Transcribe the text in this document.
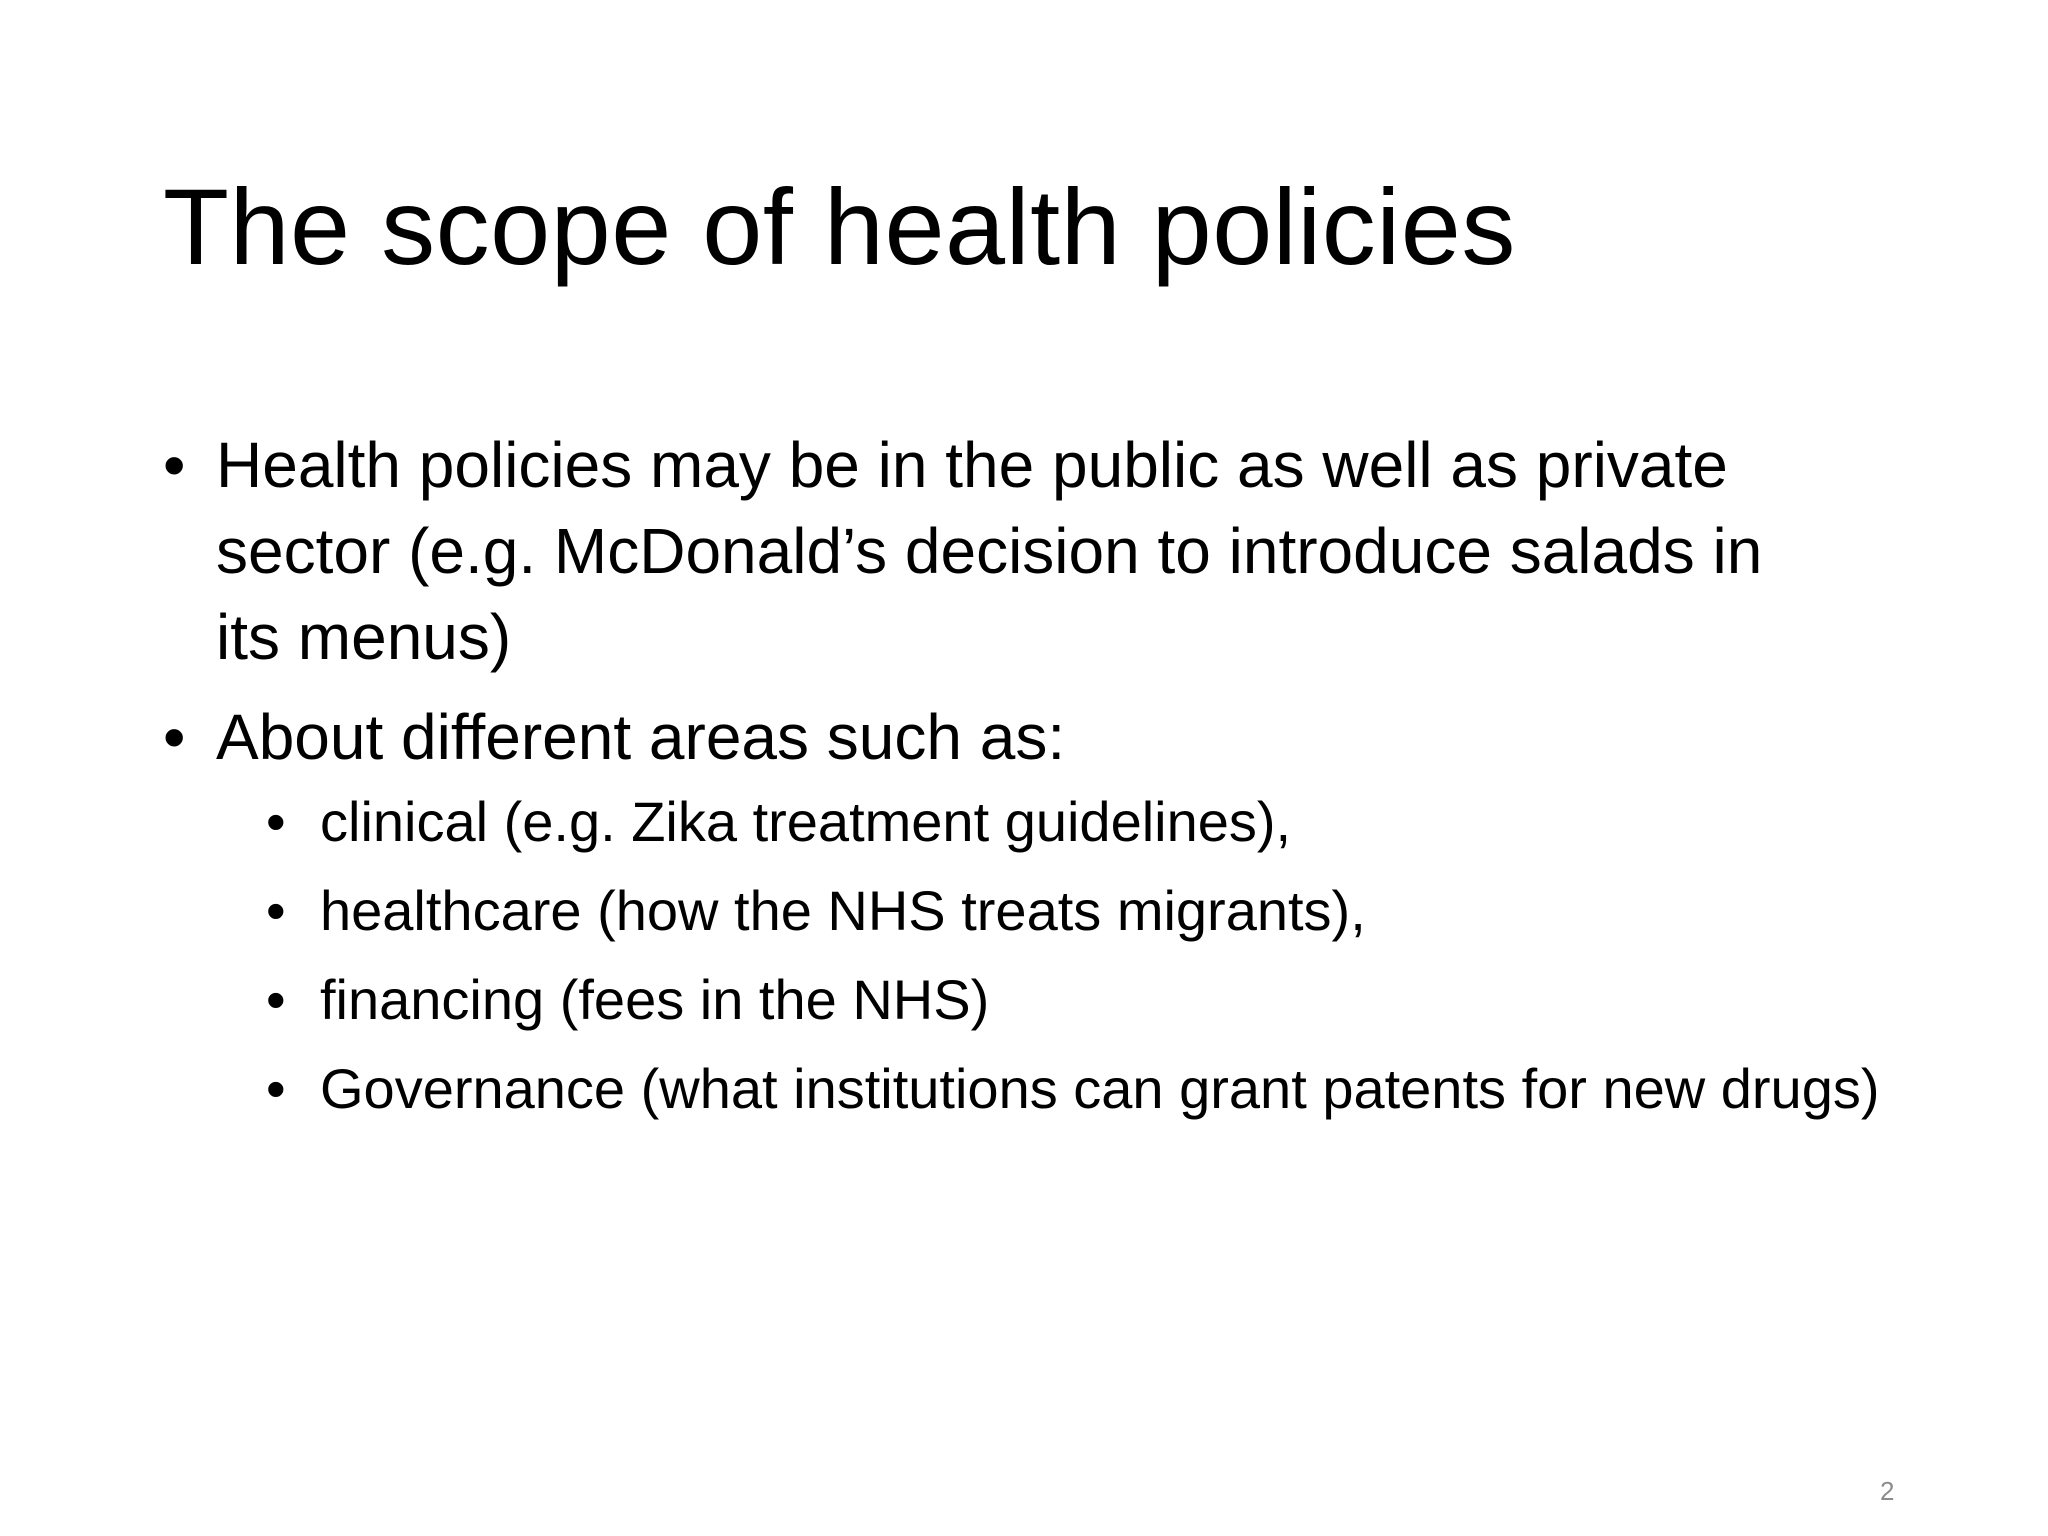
The scope of health policies
• Health policies may be in the public as well as private sector (e.g. McDonald’s decision to introduce salads in its menus)
• About different areas such as:
• clinical (e.g. Zika treatment guidelines),
• healthcare (how the NHS treats migrants),
• financing (fees in the NHS)
• Governance (what institutions can grant patents for new drugs)
2
